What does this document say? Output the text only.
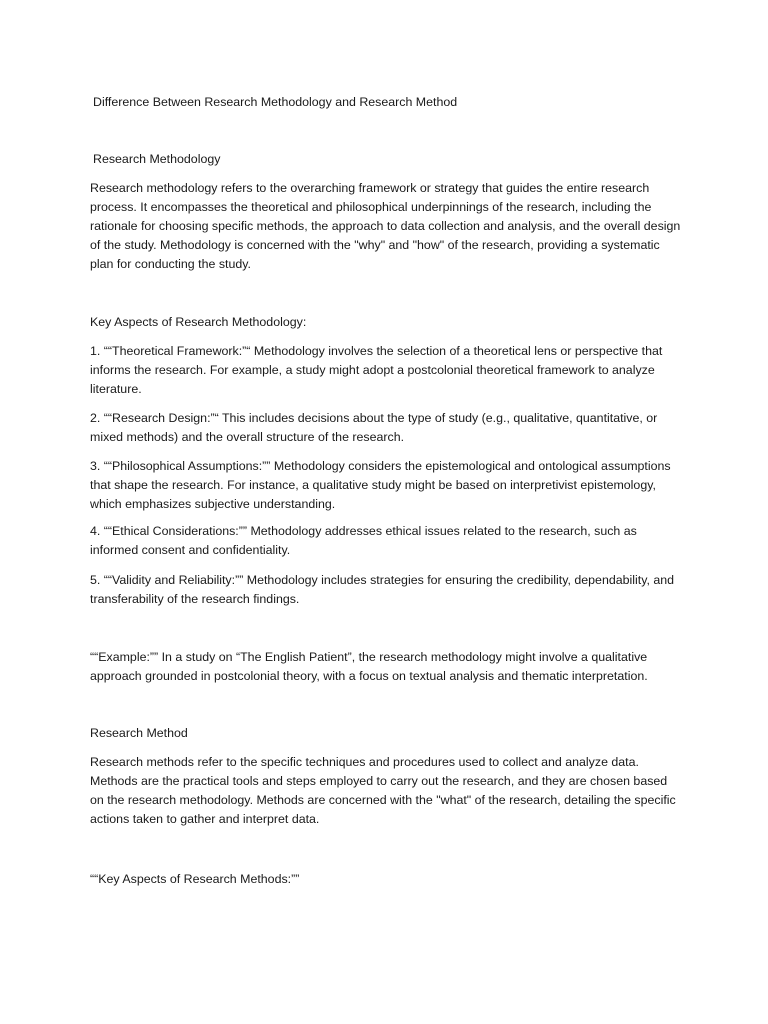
Difference Between Research Methodology and Research Method

Research Methodology

Research methodology refers to the overarching framework or strategy that guides the entire research process. It encompasses the theoretical and philosophical underpinnings of the research, including the rationale for choosing specific methods, the approach to data collection and analysis, and the overall design of the study. Methodology is concerned with the "why" and "how" of the research, providing a systematic plan for conducting the study.

Key Aspects of Research Methodology:

1. ““Theoretical Framework:”“ Methodology involves the selection of a theoretical lens or perspective that informs the research. For example, a study might adopt a postcolonial theoretical framework to analyze literature.

2. ““Research Design:”“ This includes decisions about the type of study (e.g., qualitative, quantitative, or mixed methods) and the overall structure of the research.

3. ““Philosophical Assumptions:”” Methodology considers the epistemological and ontological assumptions that shape the research. For instance, a qualitative study might be based on interpretivist epistemology, which emphasizes subjective understanding.

4. ““Ethical Considerations:”” Methodology addresses ethical issues related to the research, such as informed consent and confidentiality.

5. ““Validity and Reliability:”” Methodology includes strategies for ensuring the credibility, dependability, and transferability of the research findings.

““Example:”” In a study on “The English Patient”, the research methodology might involve a qualitative approach grounded in postcolonial theory, with a focus on textual analysis and thematic interpretation.

Research Method

Research methods refer to the specific techniques and procedures used to collect and analyze data. Methods are the practical tools and steps employed to carry out the research, and they are chosen based on the research methodology. Methods are concerned with the "what" of the research, detailing the specific actions taken to gather and interpret data.

““Key Aspects of Research Methods:””
